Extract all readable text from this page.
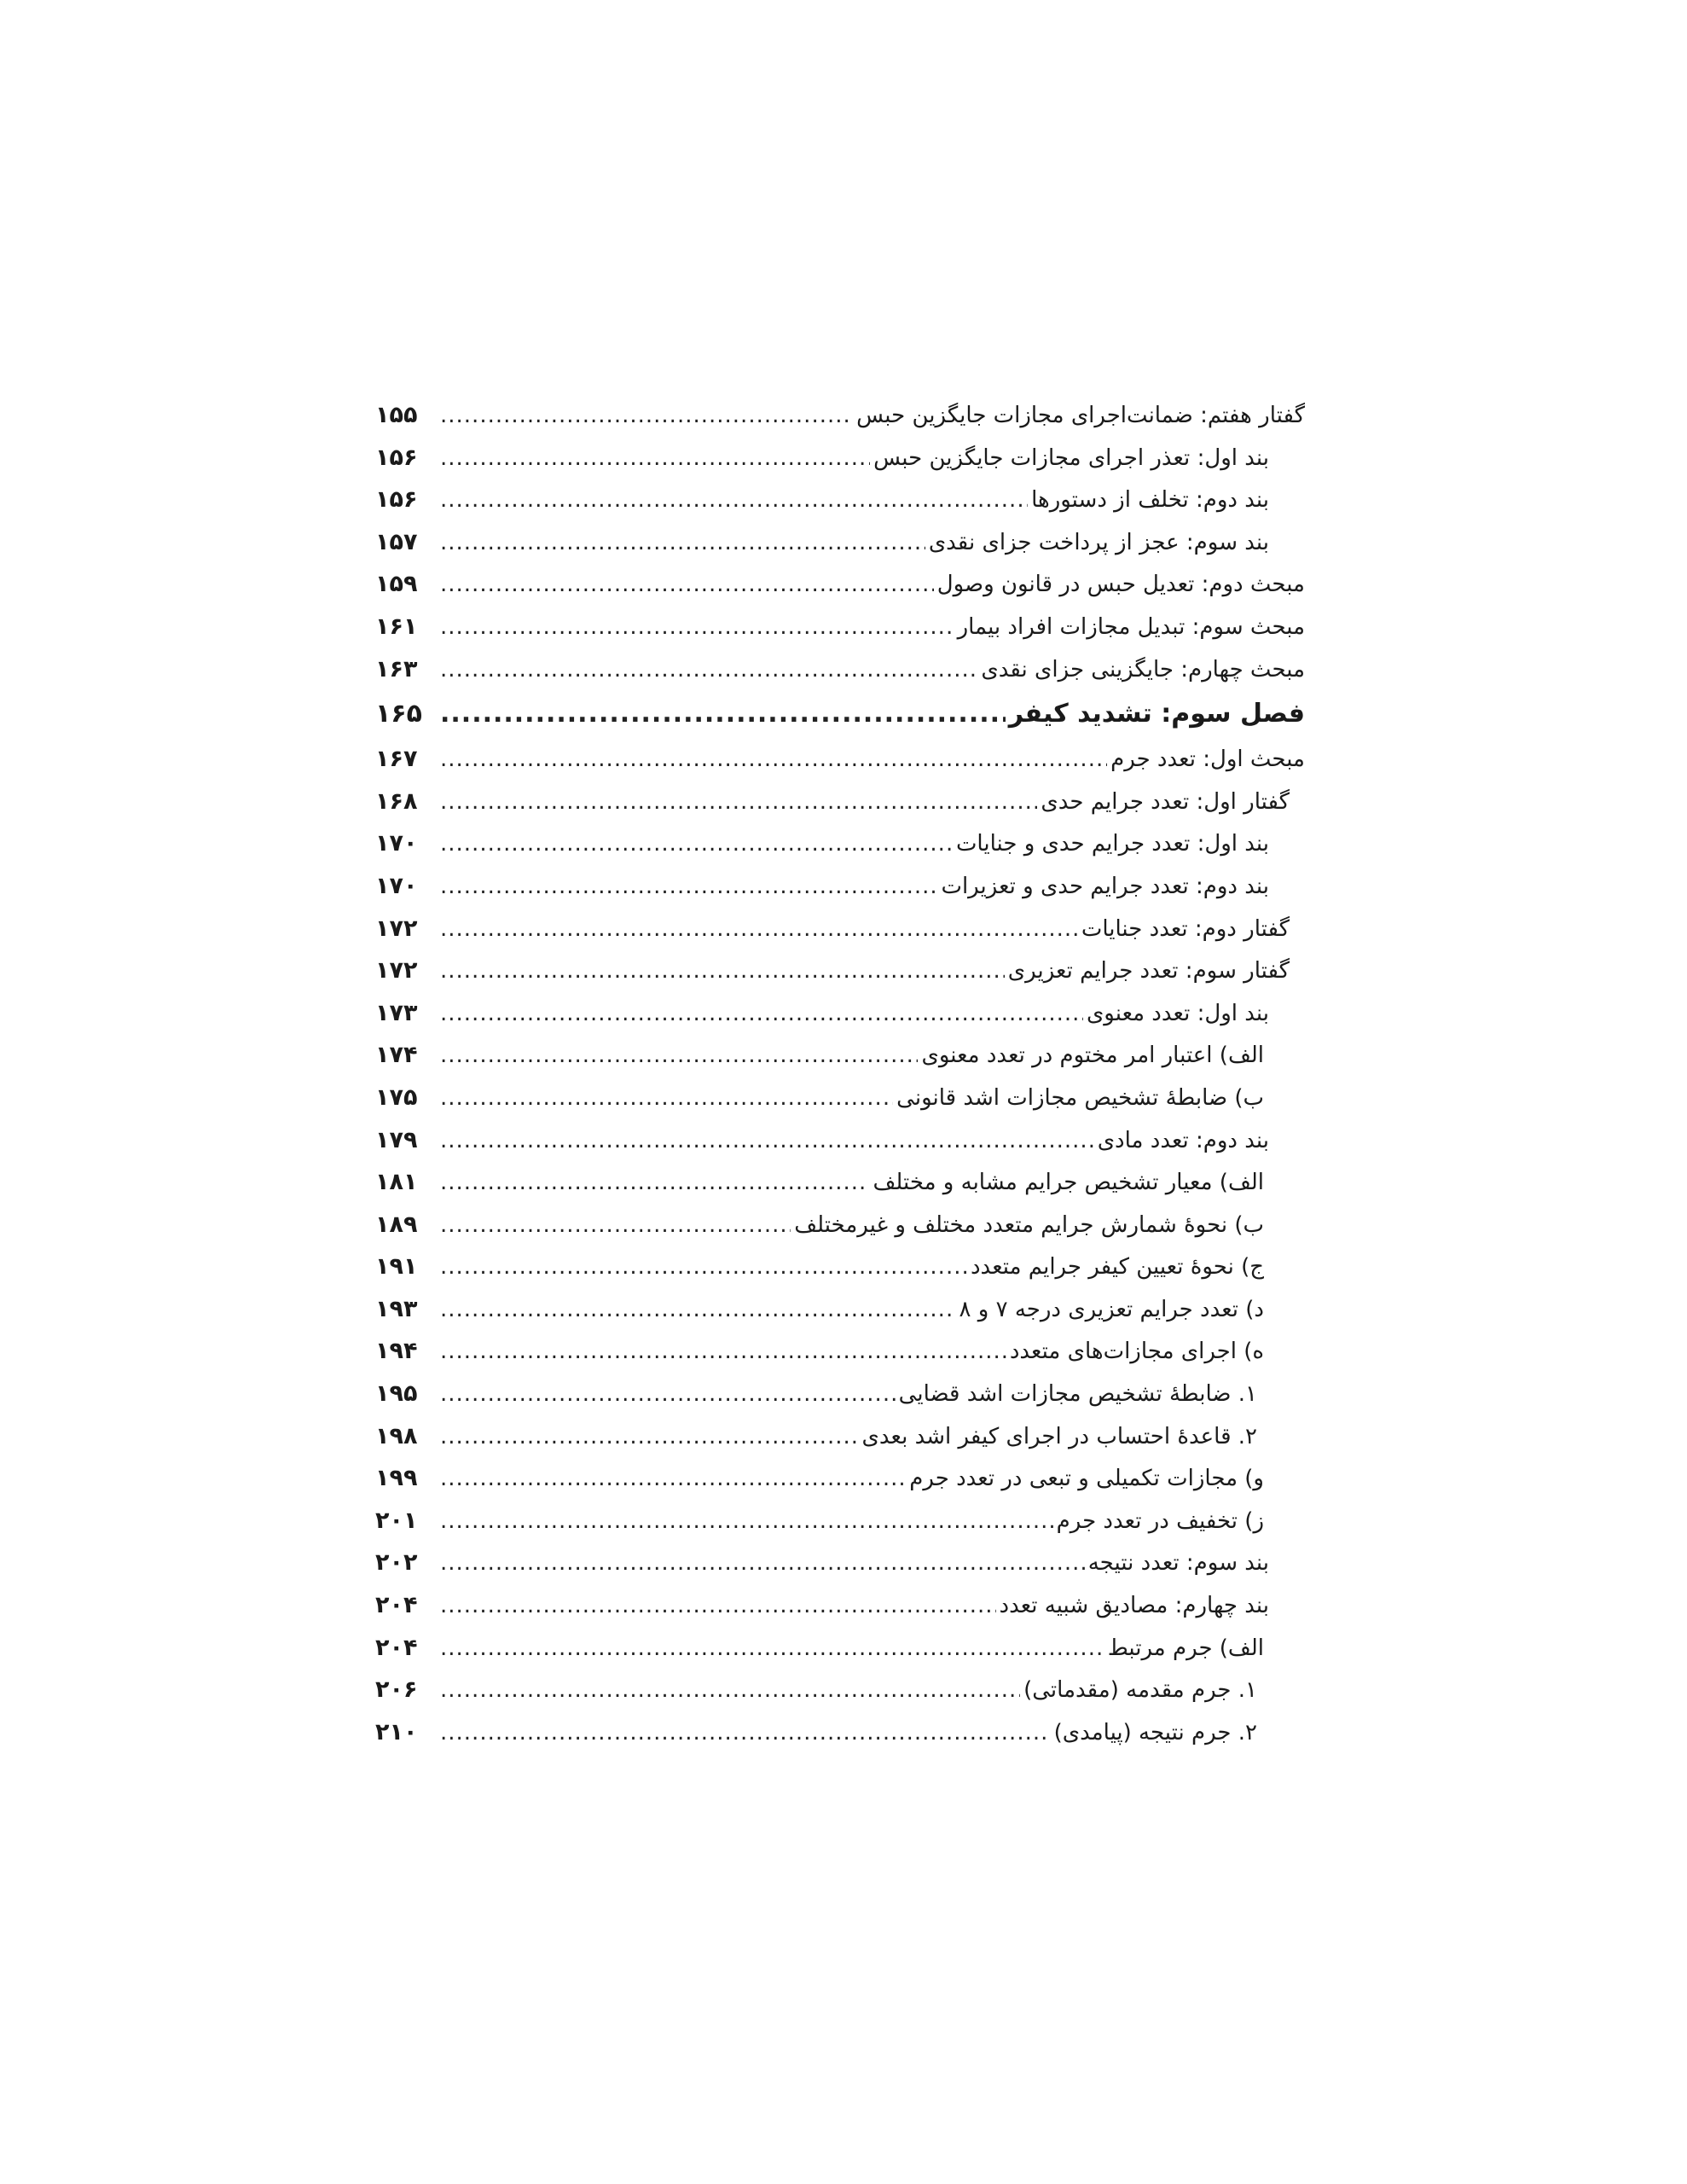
گفتار هفتم: ضمانت‌اجرای مجازات جایگزین حبس
.....
۱۵۵
بند اول: تعذر اجرای مجازات جایگزین حبس
.....
۱۵۶
بند دوم: تخلف از دستورها
.....
۱۵۶
بند سوم: عجز از پرداخت جزای نقدی
.....
۱۵۷
مبحث دوم: تعدیل حبس در قانون وصول
.....
۱۵۹
مبحث سوم: تبدیل مجازات افراد بیمار
.....
۱۶۱
مبحث چهارم: جایگزینی جزای نقدی
.....
۱۶۳
فصل سوم: تشدید کیفر
.....
۱۶۵
مبحث اول: تعدد جرم
.....
۱۶۷
گفتار اول: تعدد جرایم حدی
.....
۱۶۸
بند اول: تعدد جرایم حدی و جنایات
.....
۱۷۰
بند دوم: تعدد جرایم حدی و تعزیرات
.....
۱۷۰
گفتار دوم: تعدد جنایات
.....
۱۷۲
گفتار سوم: تعدد جرایم تعزیری
.....
۱۷۲
بند اول: تعدد معنوی
.....
۱۷۳
الف) اعتبار امر مختوم در تعدد معنوی
.....
۱۷۴
ب) ضابطهٔ تشخیص مجازات اشد قانونی
.....
۱۷۵
بند دوم: تعدد مادی
.....
۱۷۹
الف) معیار تشخیص جرایم مشابه و مختلف
.....
۱۸۱
ب) نحوهٔ شمارش جرایم متعدد مختلف و غیرمختلف
.....
۱۸۹
ج) نحوهٔ تعیین کیفر جرایم متعدد
.....
۱۹۱
د) تعدد جرایم تعزیری درجه ۷ و ۸
.....
۱۹۳
ه) اجرای مجازات‌های متعدد
.....
۱۹۴
۱. ضابطهٔ تشخیص مجازات اشد قضایی
.....
۱۹۵
۲. قاعدهٔ احتساب در اجرای کیفر اشد بعدی
.....
۱۹۸
و) مجازات تکمیلی و تبعی در تعدد جرم
.....
۱۹۹
ز) تخفیف در تعدد جرم
.....
۲۰۱
بند سوم: تعدد نتیجه
.....
۲۰۲
بند چهارم: مصادیق شبیه تعدد
.....
۲۰۴
الف) جرم مرتبط
.....
۲۰۴
۱. جرم مقدمه (مقدماتی)
.....
۲۰۶
۲. جرم نتیجه (پیامدی)
.....
۲۱۰
